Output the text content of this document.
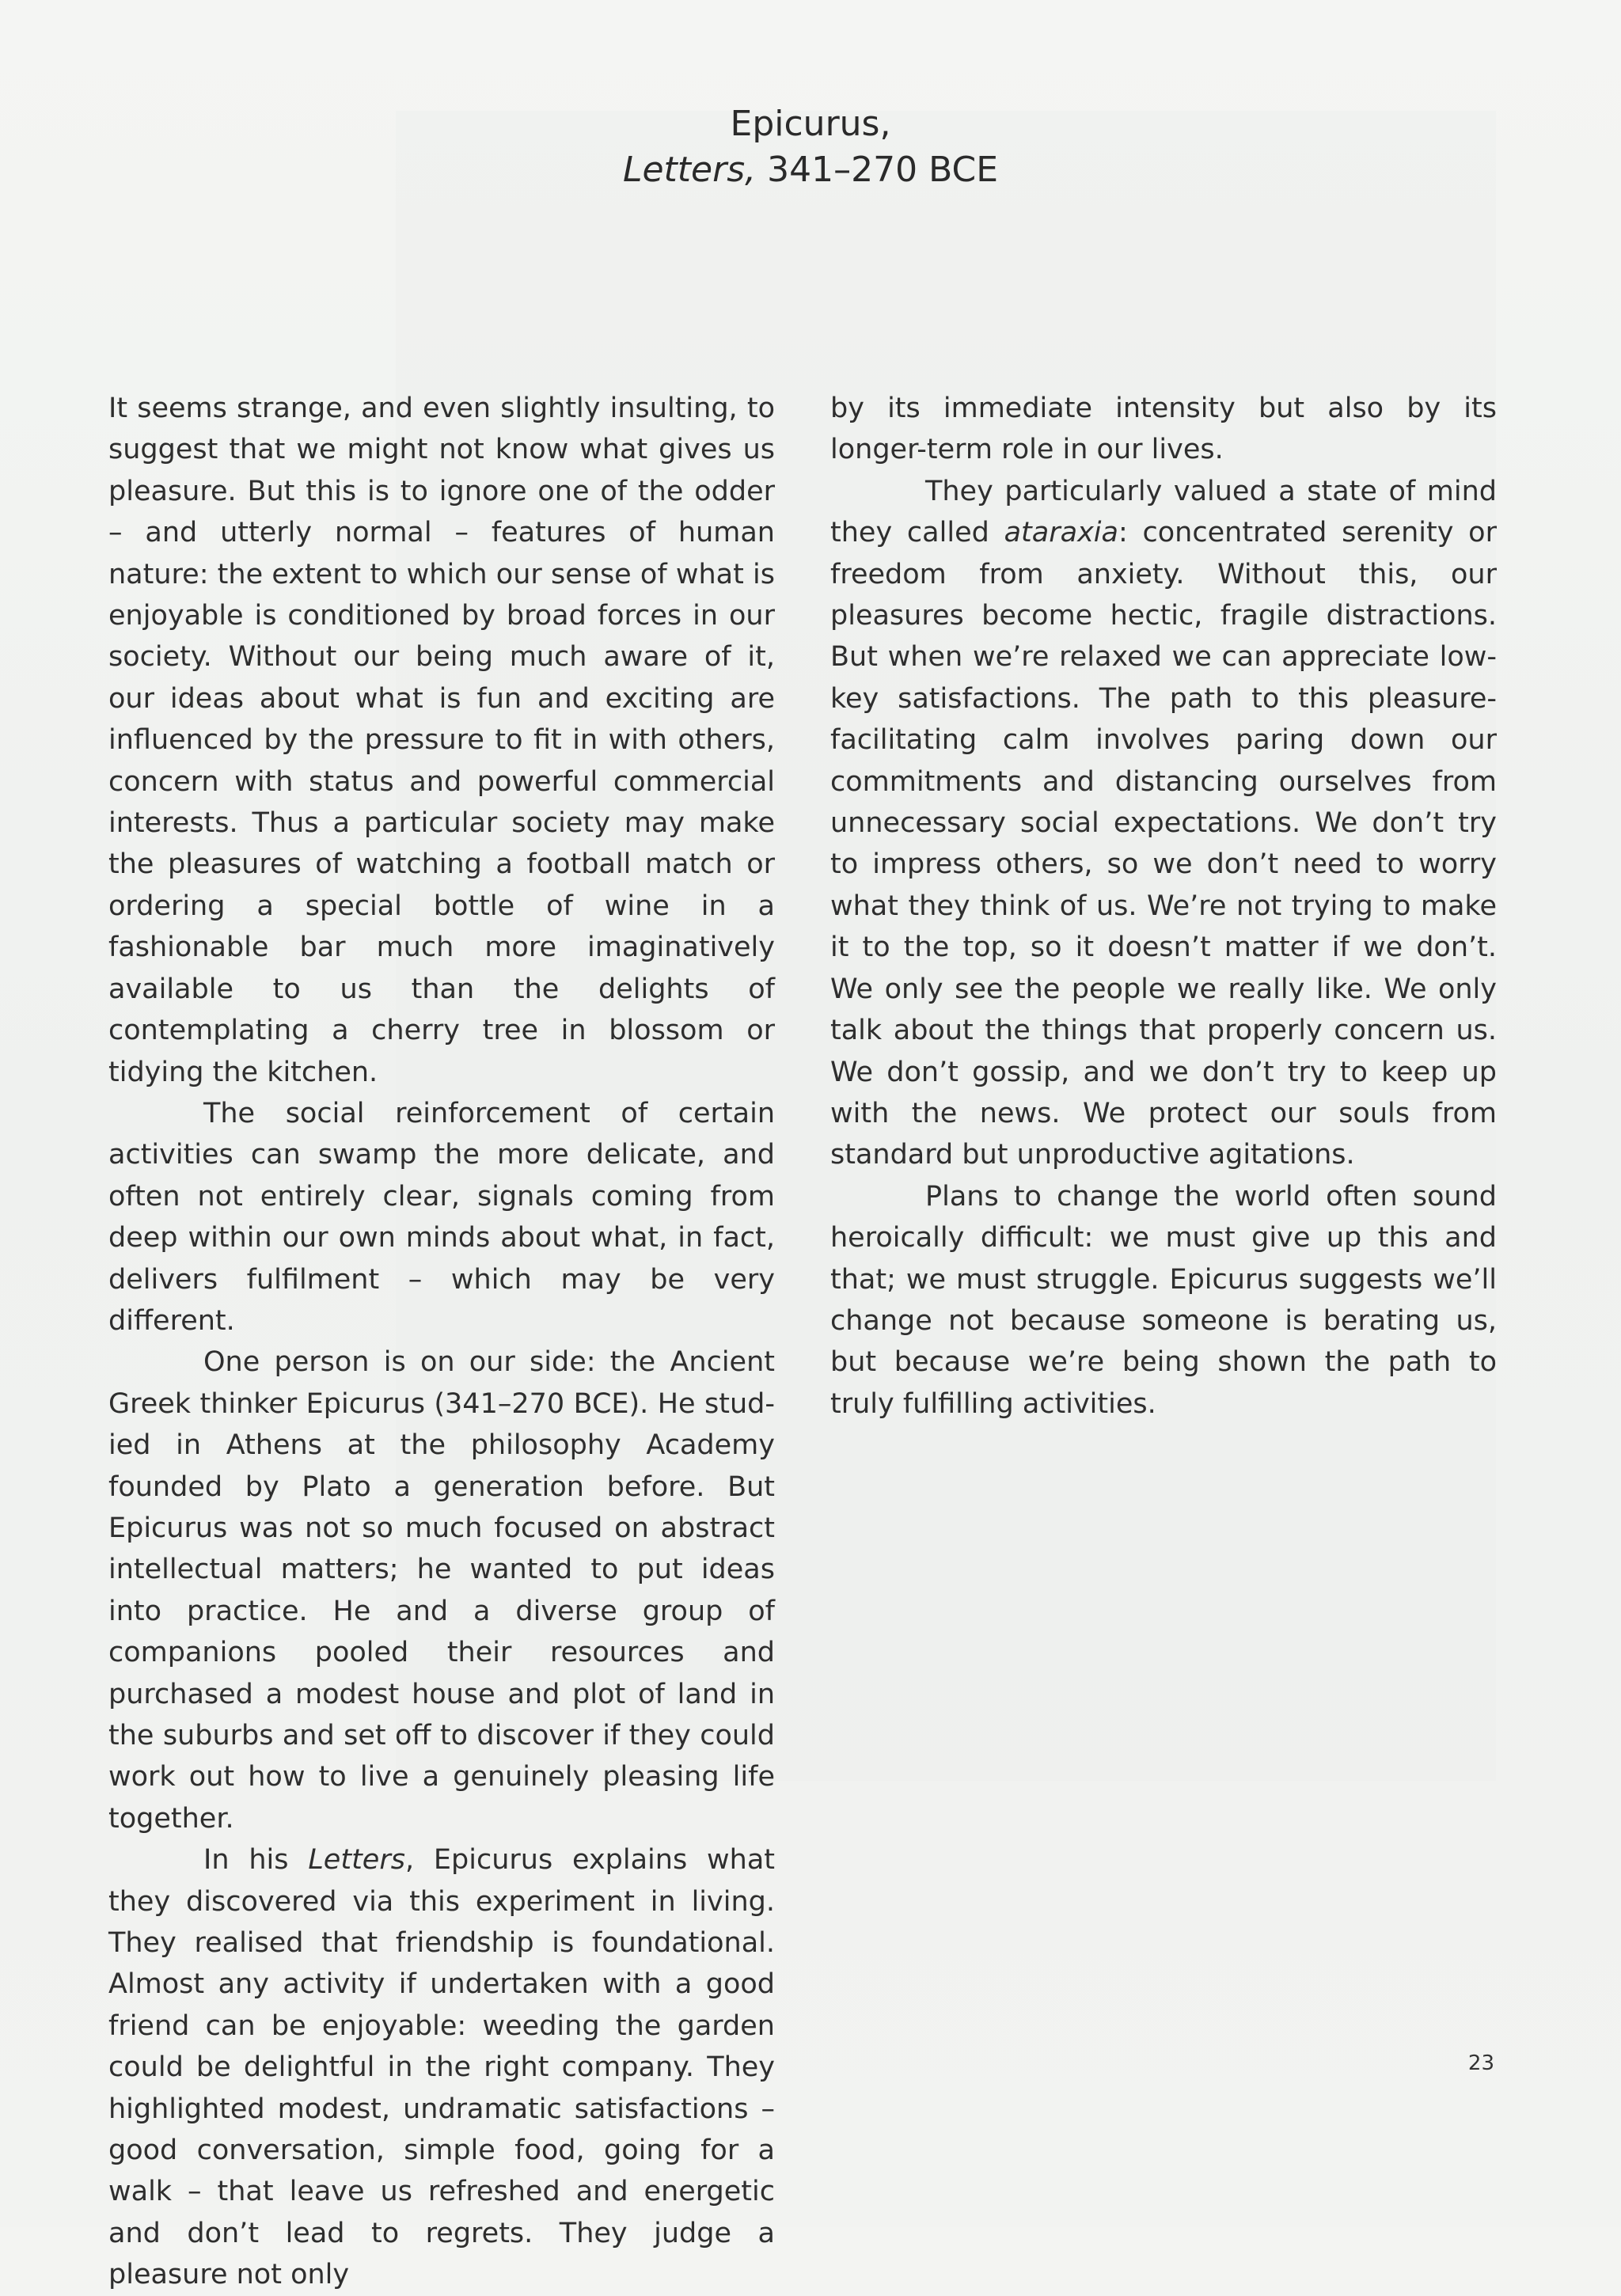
Epicurus,
Letters, 341–270 BCE

It seems strange, and even slightly insulting, to suggest that we might not know what gives us pleasure. But this is to ignore one of the odder – and utterly normal – features of human nature: the extent to which our sense of what is enjoyable is conditioned by broad forces in our society. Without our being much aware of it, our ideas about what is fun and exciting are influenced by the pressure to fit in with others, concern with status and powerful commercial interests. Thus a particular society may make the pleasures of watching a football match or ordering a special bottle of wine in a fashionable bar much more imaginatively available to us than the delights of contemplating a cherry tree in blossom or tidying the kitchen.

The social reinforcement of certain activities can swamp the more delicate, and often not entirely clear, signals coming from deep within our own minds about what, in fact, delivers fulfilment – which may be very different.

One person is on our side: the Ancient Greek thinker Epicurus (341–270 BCE). He studied in Athens at the philosophy Academy founded by Plato a generation before. But Epicurus was not so much focused on abstract intellectual matters; he wanted to put ideas into practice. He and a diverse group of companions pooled their resources and purchased a modest house and plot of land in the suburbs and set off to discover if they could work out how to live a genuinely pleasing life together.

In his Letters, Epicurus explains what they discovered via this experiment in living. They realised that friendship is foundational. Almost any activity if undertaken with a good friend can be enjoyable: weeding the garden could be delightful in the right company. They highlighted modest, undramatic satisfactions – good conversation, simple food, going for a walk – that leave us refreshed and energetic and don’t lead to regrets. They judge a pleasure not only

by its immediate intensity but also by its longer-term role in our lives.

They particularly valued a state of mind they called ataraxia: concentrated serenity or freedom from anxiety. Without this, our pleasures become hectic, fragile distractions. But when we’re relaxed we can appreciate low-key satisfactions. The path to this pleasure-facilitating calm involves paring down our commitments and distancing ourselves from unnecessary social expectations. We don’t try to impress others, so we don’t need to worry what they think of us. We’re not trying to make it to the top, so it doesn’t matter if we don’t. We only see the people we really like. We only talk about the things that properly concern us. We don’t gossip, and we don’t try to keep up with the news. We protect our souls from standard but unproductive agitations.

Plans to change the world often sound heroically difficult: we must give up this and that; we must struggle. Epicurus suggests we’ll change not because someone is berating us, but because we’re being shown the path to truly fulfilling activities.

23
